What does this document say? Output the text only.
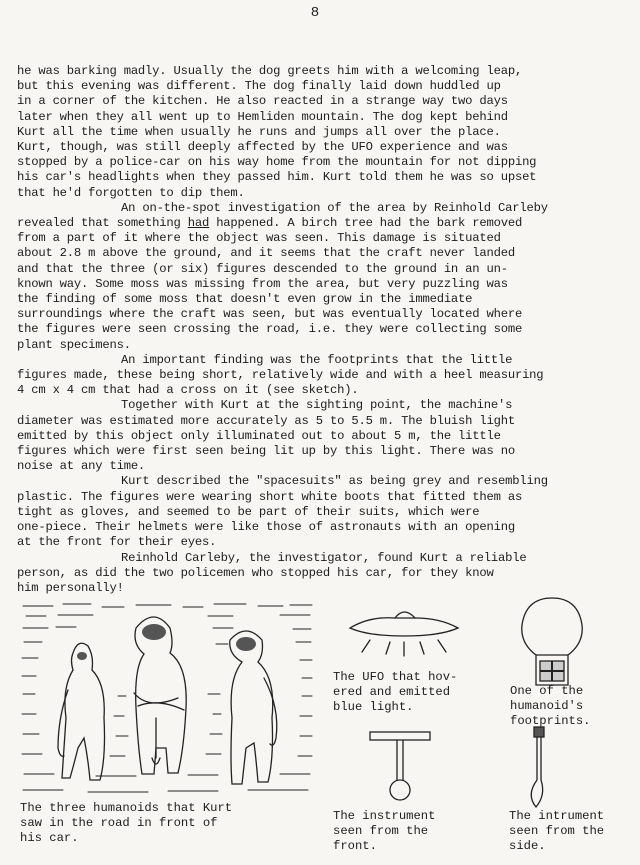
8
he was barking madly. Usually the dog greets him with a welcoming leap,
but this evening was different. The dog finally laid down huddled up
in a corner of the kitchen. He also reacted in a strange way two days
later when they all went up to Hemliden mountain. The dog kept behind
Kurt all the time when usually he runs and jumps all over the place.
Kurt, though, was still deeply affected by the UFO experience and was
stopped by a police-car on his way home from the mountain for not dipping
his car's headlights when they passed him. Kurt told them he was so upset
that he'd forgotten to dip them.
An on-the-spot investigation of the area by Reinhold Carleby
revealed that something had happened. A birch tree had the bark removed
from a part of it where the object was seen. This damage is situated
about 2.8 m above the ground, and it seems that the craft never landed
and that the three (or six) figures descended to the ground in an un-
known way. Some moss was missing from the area, but very puzzling was
the finding of some moss that doesn't even grow in the immediate
surroundings where the craft was seen, but was eventually located where
the figures were seen crossing the road, i.e. they were collecting some
plant specimens.
An important finding was the footprints that the little
figures made, these being short, relatively wide and with a heel measuring
4 cm x 4 cm that had a cross on it (see sketch).
Together with Kurt at the sighting point, the machine's
diameter was estimated more accurately as 5 to 5.5 m. The bluish light
emitted by this object only illuminated out to about 5 m, the little
figures which were first seen being lit up by this light. There was no
noise at any time.
Kurt described the "spacesuits" as being grey and resembling
plastic. The figures were wearing short white boots that fitted them as
tight as gloves, and seemed to be part of their suits, which were
one-piece. Their helmets were like those of astronauts with an opening
at the front for their eyes.
Reinhold Carleby, the investigator, found Kurt a reliable
person, as did the two policemen who stopped his car, for they know
him personally!
The three humanoids that Kurt
saw in the road in front of
his car.
The UFO that hov-
ered and emitted
blue light.
One of the
humanoid's
footprints.
The instrument
seen from the
front.
The intrument
seen from the
side.
